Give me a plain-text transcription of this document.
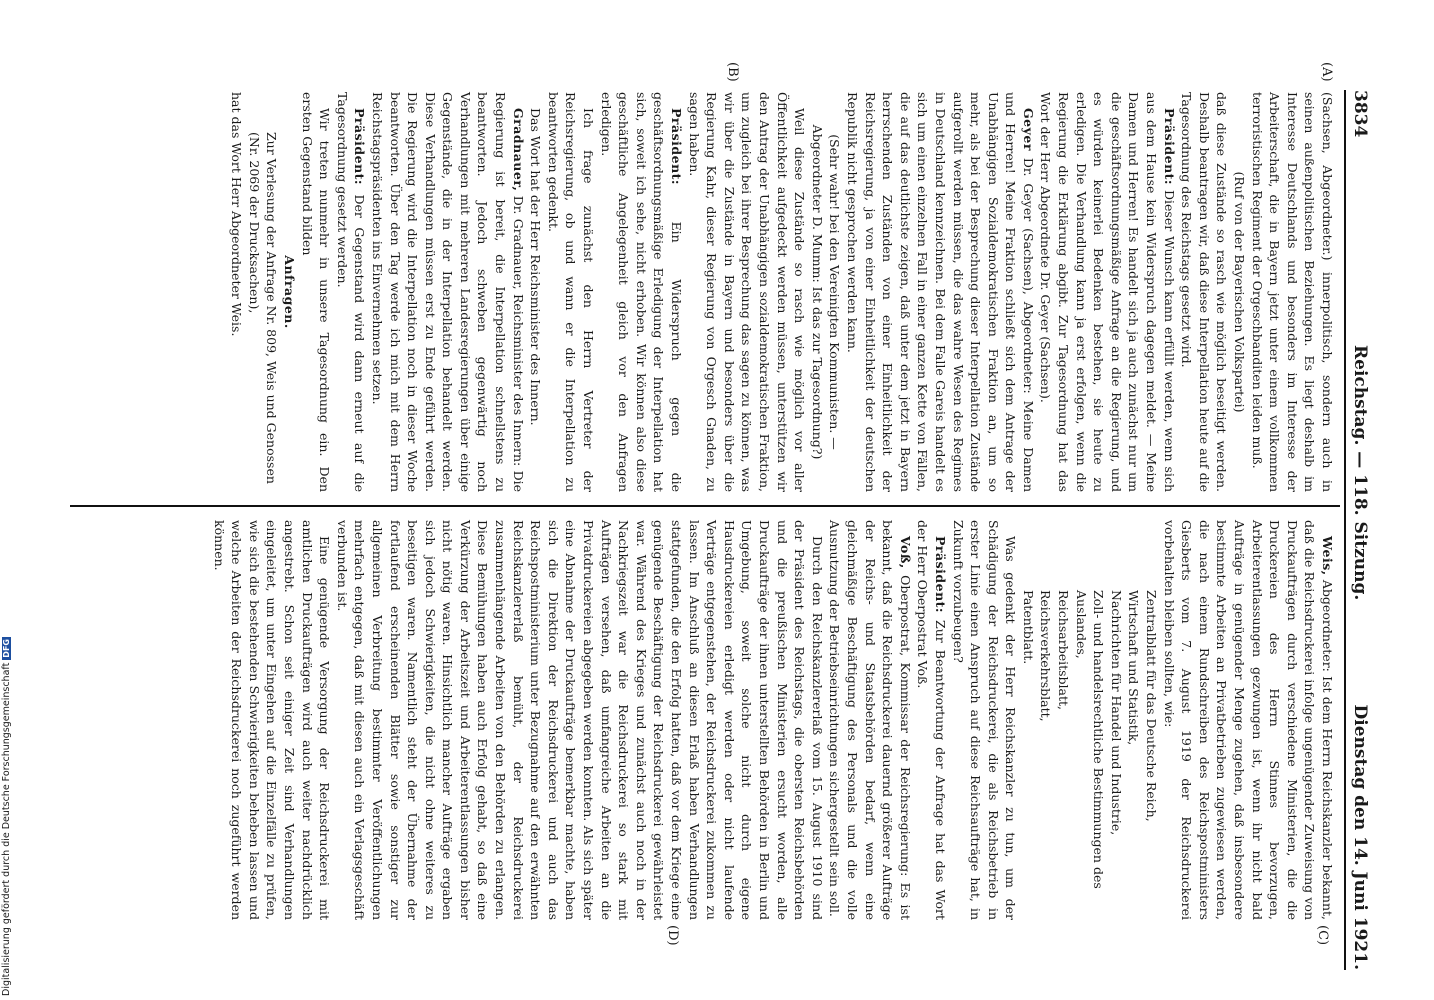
3834
Reichstag. — 118. Sitzung.
Dienstag den 14. Juni 1921.
(A)
(B)
(C)
(D)

(Sachsen, Abgeordneter.) innerpolitisch, sondern auch in seinen außenpolitischen Beziehungen. Es liegt deshalb im Interesse Deutschlands und besonders im Interesse der Arbeiterschaft, die in Bayern jetzt unter einem vollkommen terroristischen Regiment der Orgeschbanditen leiden muß.

(Ruf von der Bayerischen Volkspartei)

daß diese Zustände so rasch wie möglich beseitigt werden. Deshalb beantragen wir, daß diese Interpellation heute auf die Tagesordnung des Reichstags gesetzt wird.

Präsident: Dieser Wunsch kann erfüllt werden, wenn sich aus dem Hause kein Widerspruch dagegen meldet. — Meine Damen und Herren! Es handelt sich ja auch zunächst nur um die geschäftsordnungsmäßige Anfrage an die Regierung, und es würden keinerlei Bedenken bestehen, sie heute zu erledigen. Die Verhandlung kann ja erst erfolgen, wenn die Regierung die Erklärung abgibt. Zur Tagesordnung hat das Wort der Herr Abgeordnete Dr. Geyer (Sachsen).

Geyer Dr. Geyer (Sachsen), Abgeordneter: Meine Damen und Herren! Meine Fraktion schließt sich dem Antrage der Unabhängigen Sozialdemokratischen Fraktion an, um so mehr, als bei der Besprechung dieser Interpellation Zustände aufgerollt werden müssen, die das wahre Wesen des Regimes in Deutschland kennzeichnen. Bei dem Falle Gareis handelt es sich um einen einzelnen Fall in einer ganzen Kette von Fällen, die auf das deutlichste zeigen, daß unter dem jetzt in Bayern herrschenden Zuständen von einer Einheitlichkeit der Reichsregierung, ja von einer Einheitlichkeit der deutschen Republik nicht gesprochen werden kann.

(Sehr wahr! bei den Vereinigten Kommunisten. — Abgeordneter D. Mumm: Ist das zur Tagesordnung?)

Weil diese Zustände so rasch wie möglich vor aller Öffentlichkeit aufgedeckt werden müssen, unterstützen wir den Antrag der Unabhängigen sozialdemokratischen Fraktion, um zugleich bei ihrer Besprechung das sagen zu können, was wir über die Zustände in Bayern und besonders über die Regierung Kahr, dieser Regierung von Orgesch Gnaden, zu sagen haben.

Präsident: Ein Widerspruch gegen die geschäftsordnungsmäßige Erledigung der Interpellation hat sich, soweit ich sehe, nicht erhoben. Wir können also diese geschäftliche Angelegenheit gleich vor den Anfragen erledigen.

Ich frage zunächst den Herrn Vertreter der Reichsregierung, ob und wann er die Interpellation zu beantworten gedenkt.

Das Wort hat der Herr Reichsminister des Innern.

Gradnauer, Dr. Gradnauer, Reichsminister des Innern: Die Regierung ist bereit, die Interpellation schnellstens zu beantworten. Jedoch schweben gegenwärtig noch Verhandlungen mit mehreren Landesregierungen über einige Gegenstände, die in der Interpellation behandelt werden. Diese Verhandlungen müssen erst zu Ende geführt werden. Die Regierung wird die Interpellation noch in dieser Woche beantworten. Über den Tag werde ich mich mit dem Herrn Reichstagspräsidenten ins Einvernehmen setzen.

Präsident: Der Gegenstand wird dann erneut auf die Tagesordnung gesetzt werden.

Wir treten nunmehr in unsere Tagesordnung ein. Den ersten Gegenstand bilden

Anfragen.

Zur Verlesung der Anfrage Nr. 809, Weis und Genossen (Nr. 2069 der Drucksachen),

hat das Wort Herr Abgeordneter Weis.

Weis, Abgeordneter: Ist dem Herrn Reichskanzler bekannt, daß die Reichsdruckerei infolge ungenügender Zuweisung von Druckaufträgen durch verschiedene Ministerien, die die Druckereien des Herrn Stinnes bevorzugen, Arbeiterentlassungen gezwungen ist, wenn ihr nicht bald Aufträge in genügender Menge zugehen, daß insbesondere bestimmte Arbeiten an Privatbetrieben zugewiesen werden, die nach einem Rundschreiben des Reichspostministers Giesberts vom 7. August 1919 der Reichsdruckerei vorbehalten bleiben sollten, wie:

Zentralblatt für das Deutsche Reich,

Wirtschaft und Statistik,

Nachrichten für Handel und Industrie,

Zoll- und handelsrechtliche Bestimmungen des Auslandes,

Reichsarbeitsblatt,

Reichsverkehrsblatt,

Patentblatt.

Was gedenkt der Herr Reichskanzler zu tun, um der Schädigung der Reichsdruckerei, die als Reichsbetrieb in erster Linie einen Anspruch auf diese Reichsaufträge hat, in Zukunft vorzubeugen?

Präsident: Zur Beantwortung der Anfrage hat das Wort der Herr Oberpostrat Voß.

Voß, Oberpostrat, Kommissar der Reichsregierung: Es ist bekannt, daß die Reichsdruckerei dauernd größerer Aufträge der Reichs- und Staatsbehörden bedarf, wenn eine gleichmäßige Beschäftigung des Personals und die volle Ausnutzung der Betriebseinrichtungen sichergestellt sein soll.

Durch den Reichskanzlererlaß vom 15. August 1910 sind der Präsident des Reichstags, die obersten Reichsbehörden und die preußischen Ministerien ersucht worden, alle Druckaufträge der ihnen unterstellten Behörden in Berlin und Umgebung, soweit solche nicht durch eigene Hausdruckereien erledigt werden oder nicht laufende Verträge entgegenstehen, der Reichsdruckerei zukommen zu lassen. Im Anschluß an diesen Erlaß haben Verhandlungen stattgefunden, die den Erfolg hatten, daß vor dem Kriege eine genügende Beschäftigung der Reichsdruckerei gewährleistet war. Während des Krieges und zunächst auch noch in der Nachkriegszeit war die Reichsdruckerei so stark mit Aufträgen versehen, daß umfangreiche Arbeiten an die Privatdruckereien abgegeben werden konnten. Als sich später eine Abnahme der Druckaufträge bemerkbar machte, haben sich die Direktion der Reichsdruckerei und auch das Reichspostministerium unter Bezugnahme auf den erwähnten Reichskanzlererlaß bemüht, der Reichsdruckerei zusammenhängende Arbeiten von den Behörden zu erlangen. Diese Bemühungen haben auch Erfolg gehabt, so daß eine Verkürzung der Arbeitszeit und Arbeiterentlassungen bisher nicht nötig waren. Hinsichtlich mancher Aufträge ergaben sich jedoch Schwierigkeiten, die nicht ohne weiteres zu beseitigen waren. Namentlich steht der Übernahme der fortlaufend erscheinenden Blätter sowie sonstiger zur allgemeinen Verbreitung bestimmter Veröffentlichungen mehrfach entgegen, daß mit diesen auch ein Verlagsgeschäft verbunden ist.

Eine genügende Versorgung der Reichsdruckerei mit amtlichen Druckaufträgen wird auch weiter nachdrücklich angestrebt. Schon seit einiger Zeit sind Verhandlungen eingeleitet, um unter Eingehen auf die Einzelfälle zu prüfen, wie sich die bestehenden Schwierigkeiten beheben lassen und welche Arbeiten der Reichsdruckerei noch zugeführt werden können.

Digitalisierung gefördert durch die Deutsche ForschungsgemeinschaftDFG
